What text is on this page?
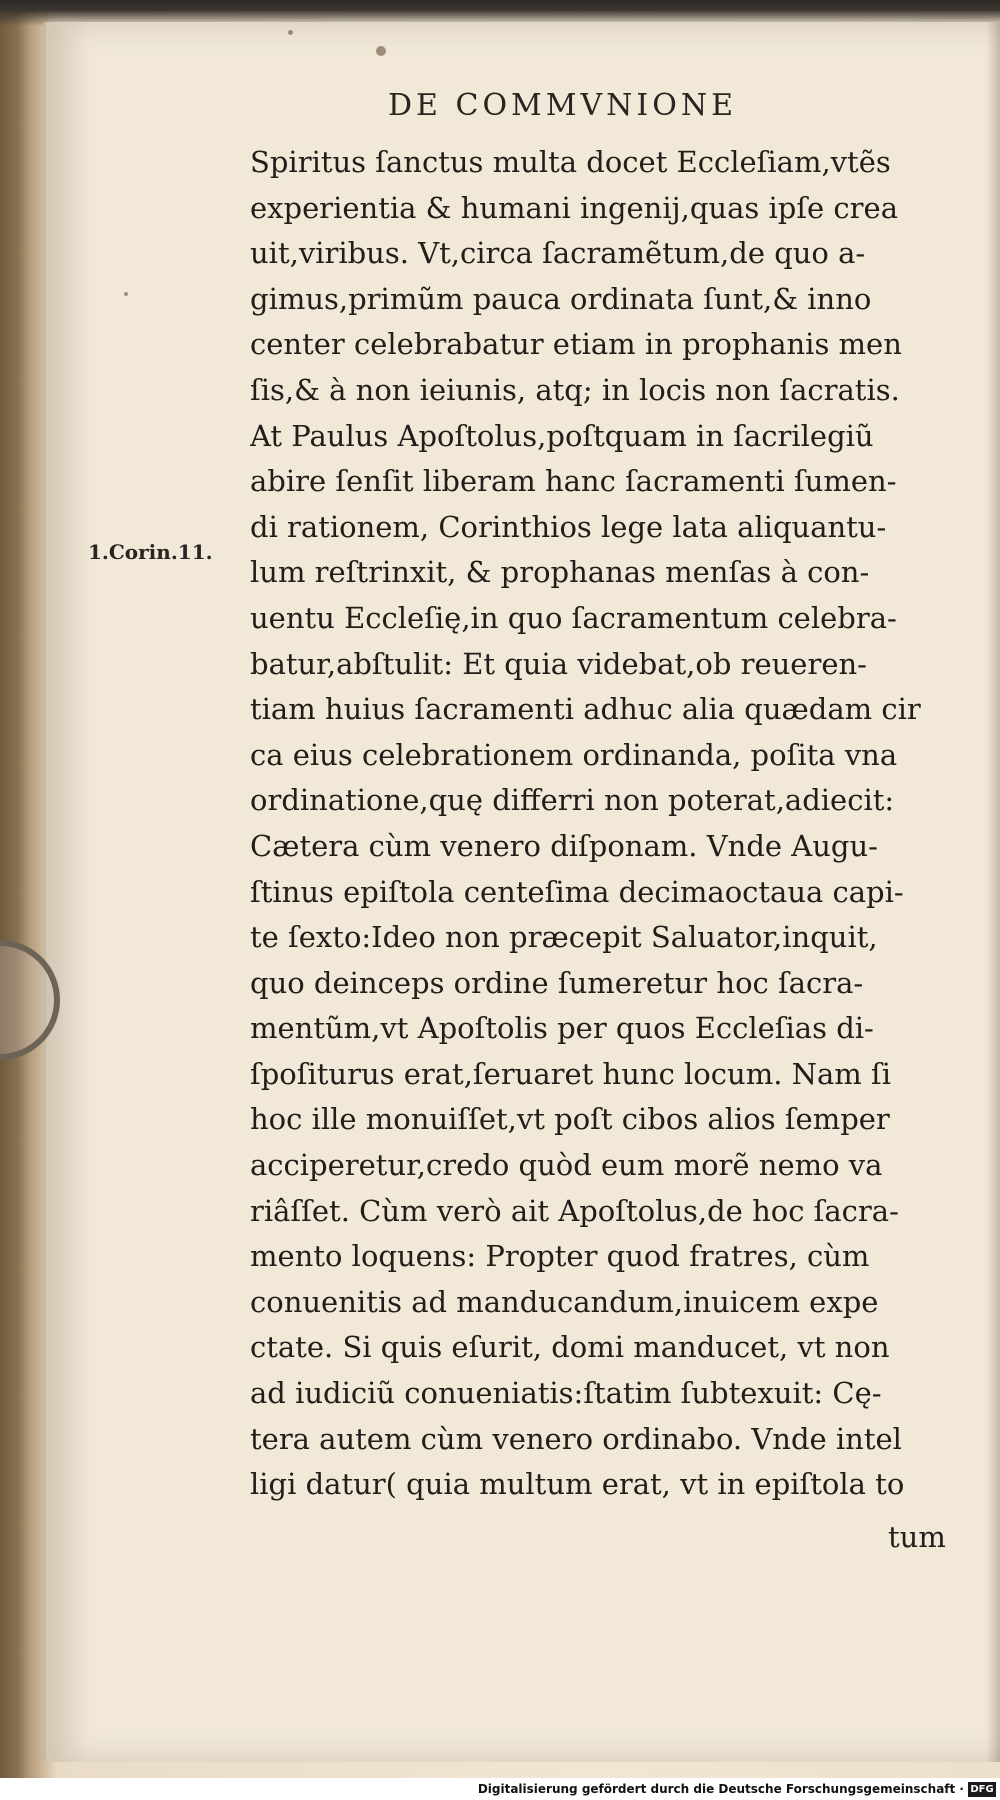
DE COMMVNIONE
1.Corin.11.
Spiritus ſanctus multa docet Eccleſiam,vtẽs
experientia & humani ingenij,quas ipſe crea
uit,viribus. Vt,circa ſacramẽtum,de quo a-
gimus,primũm pauca ordinata ſunt,& inno
center celebrabatur etiam in prophanis men
ſis,& à non ieiunis, atq; in locis non ſacratis.
At Paulus Apoſtolus,poſtquam in ſacrilegiũ
abire ſenſit liberam hanc ſacramenti ſumen-
di rationem, Corinthios lege lata aliquantu-
lum reſtrinxit, & prophanas menſas à con-
uentu Eccleſię,in quo ſacramentum celebra-
batur,abſtulit: Et quia videbat,ob reueren-
tiam huius ſacramenti adhuc alia quædam cir
ca eius celebrationem ordinanda, poſita vna
ordinatione,quę differri non poterat,adiecit:
Cætera cùm venero diſponam. Vnde Augu-
ſtinus epiſtola centeſima decimaoctaua capi-
te ſexto:Ideo non præcepit Saluator,inquit,
quo deinceps ordine ſumeretur hoc ſacra-
mentũm,vt Apoſtolis per quos Eccleſias di-
ſpoſiturus erat,ſeruaret hunc locum. Nam ſi
hoc ille monuiſſet,vt poſt cibos alios ſemper
acciperetur,credo quòd eum morẽ nemo va
riâſſet. Cùm verò ait Apoſtolus,de hoc ſacra-
mento loquens: Propter quod fratres, cùm
conuenitis ad manducandum,inuicem expe
ctate. Si quis eſurit, domi manducet, vt non
ad iudiciũ conueniatis:ſtatim ſubtexuit: Cę-
tera autem cùm venero ordinabo. Vnde intel
ligi datur( quia multum erat, vt in epiſtola to
tum
Digitalisierung gefördert durch die Deutsche Forschungsgemeinschaft · DFG
